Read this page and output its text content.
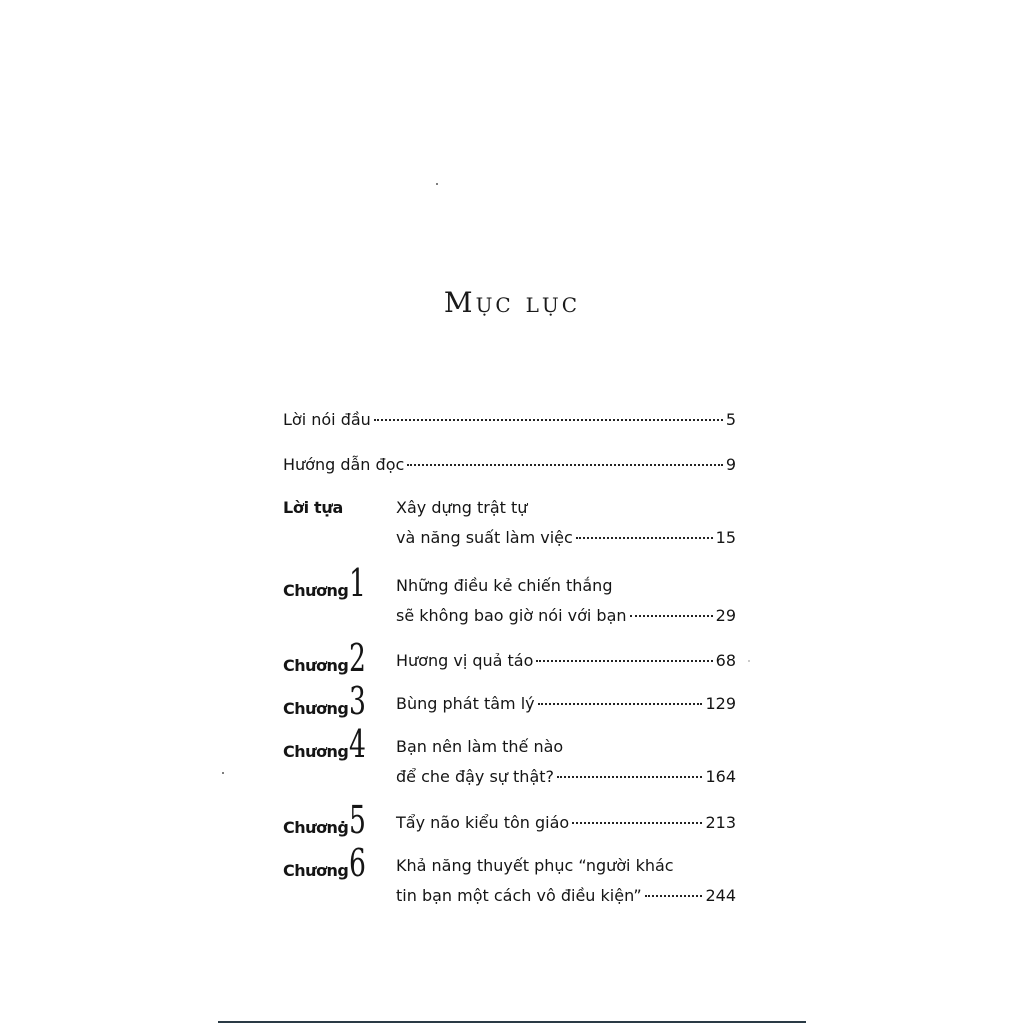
Mục lục
Lời nói đầu	5
Hướng dẫn đọc	9
Lời tựa	Xây dựng trật tự
và năng suất làm việc	15
Chương1	Những điều kẻ chiến thắng
sẽ không bao giờ nói với bạn	29
Chương2	Hương vị quả táo	68
Chương3	Bùng phát tâm lý	129
Chương4	Bạn nên làm thế nào
để che đậy sự thật?	164
Chươnġ5	Tẩy não kiểu tôn giáo	213
Chương6	Khả năng thuyết phục “người khác
tin bạn một cách vô điều kiện”	244
